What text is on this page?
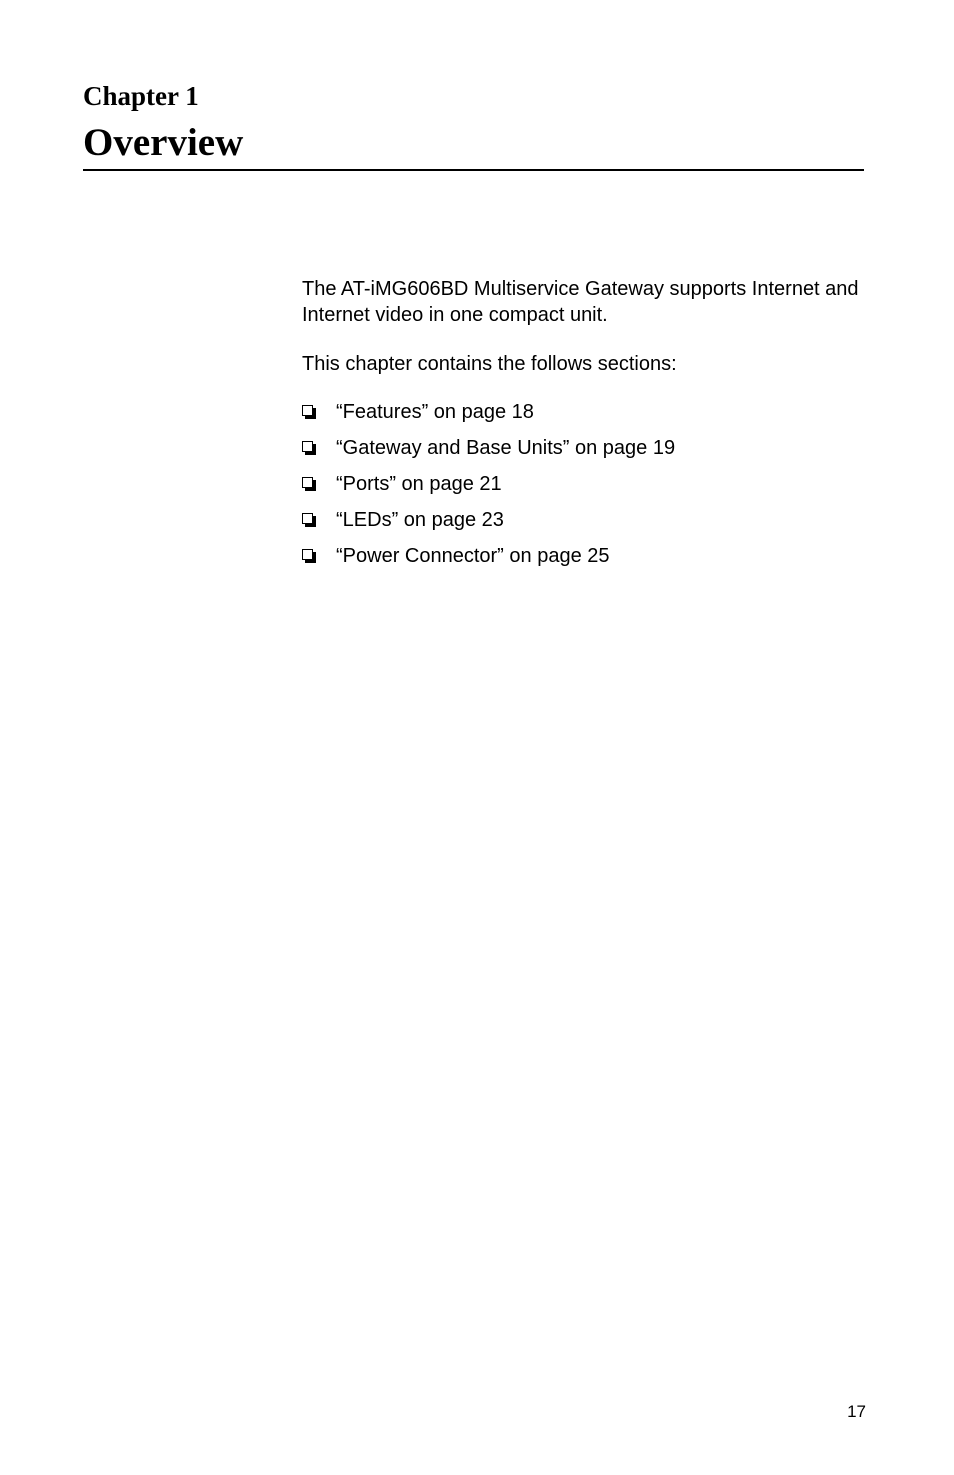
Chapter 1
Overview

The AT-iMG606BD Multiservice Gateway supports Internet and Internet video in one compact unit.

This chapter contains the follows sections:

“Features” on page 18
“Gateway and Base Units” on page 19
“Ports” on page 21
“LEDs” on page 23
“Power Connector” on page 25
17
